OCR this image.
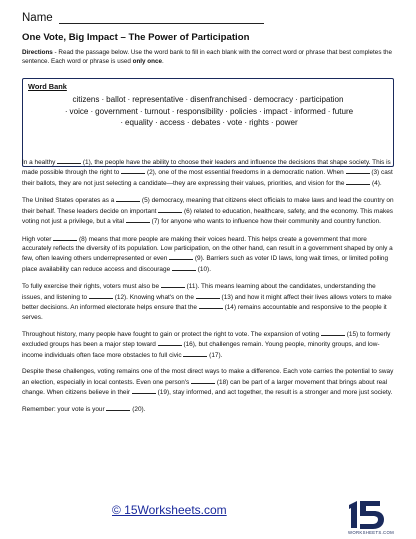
Name
One Vote, Big Impact – The Power of Participation
Directions - Read the passage below. Use the word bank to fill in each blank with the correct word or phrase that best completes the sentence. Each word or phrase is used only once.
Word Bank
citizens · ballot · representative · disenfranchised · democracy · participation
· voice · government · turnout · responsibility · policies · impact · informed · future
· equality · access · debates · vote · rights · power
In a healthy	(1), the people have the ability to choose their leaders and influence the decisions that shape society. This is made possible through the right to	(2), one of the most essential freedoms in a democratic nation. When	(3) cast their ballots, they are not just selecting a candidate—they are expressing their values, priorities, and vision for the	(4).
The United States operates as a	(5) democracy, meaning that citizens elect officials to make laws and lead the country on their behalf. These leaders decide on important	(6) related to education, healthcare, safety, and the economy. This makes voting not just a privilege, but a vital	(7) for anyone who wants to influence how their community and country function.
High voter	(8) means that more people are making their voices heard. This helps create a government that more accurately reflects the diversity of its population. Low participation, on the other hand, can result in a government shaped by only a few, often leaving others underrepresented or even	(9). Barriers such as voter ID laws, long wait times, or limited polling place availability can reduce access and discourage	(10).
To fully exercise their rights, voters must also be	(11). This means learning about the candidates, understanding the issues, and listening to	(12). Knowing what's on the	(13) and how it might affect their lives allows voters to make better decisions. An informed electorate helps ensure that the	(14) remains accountable and responsive to the people it serves.
Throughout history, many people have fought to gain or protect the right to vote. The expansion of voting	(15) to formerly excluded groups has been a major step toward	(16), but challenges remain. Young people, minority groups, and low-income individuals often face more obstacles to full civic	(17).
Despite these challenges, voting remains one of the most direct ways to make a difference. Each vote carries the potential to sway an election, especially in local contests. Even one person's	(18) can be part of a larger movement that brings about real change. When citizens believe in their	(19), stay informed, and act together, the result is a stronger and more just society.
Remember: your vote is your	(20).
© 15Worksheets.com
WORKSHEETS.COM
